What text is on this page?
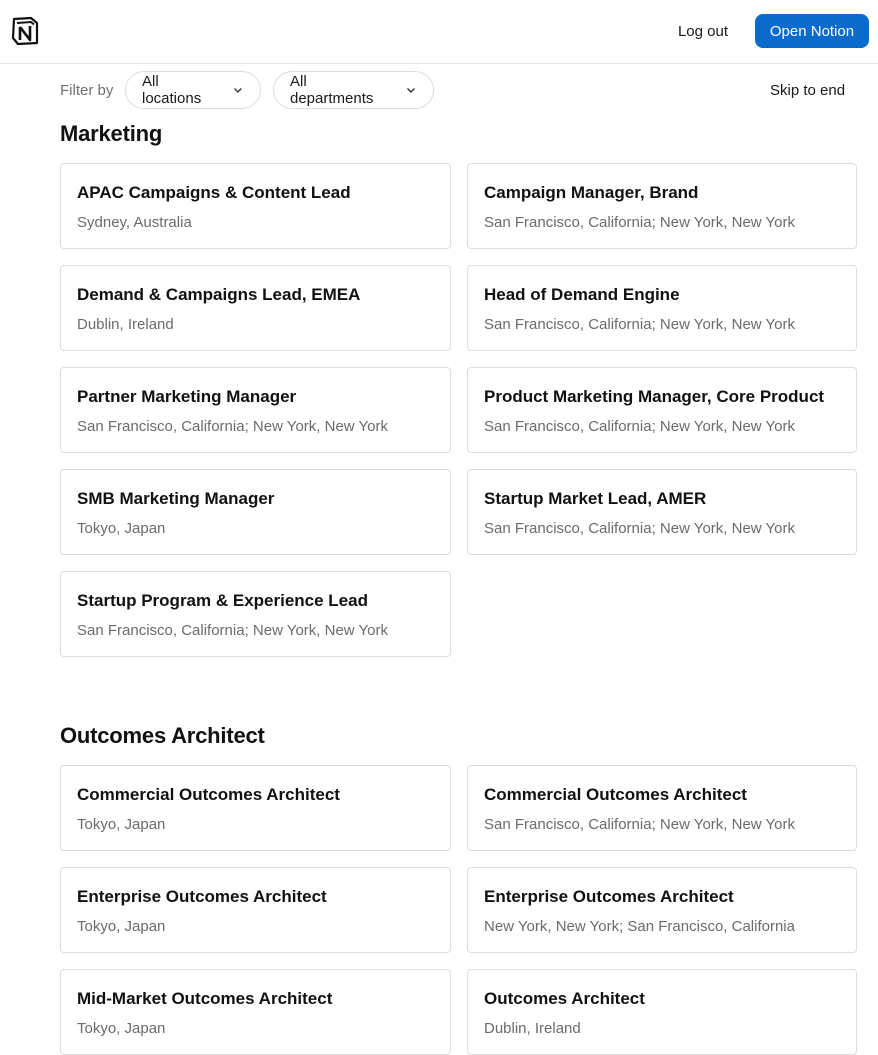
Log out	Open Notion
Filter by
All locations
All departments	Skip to end
Marketing
APAC Campaigns & Content Lead
Sydney, Australia
Campaign Manager, Brand
San Francisco, California; New York, New York
Demand & Campaigns Lead, EMEA
Dublin, Ireland
Head of Demand Engine
San Francisco, California; New York, New York
Partner Marketing Manager
San Francisco, California; New York, New York
Product Marketing Manager, Core Product
San Francisco, California; New York, New York
SMB Marketing Manager
Tokyo, Japan
Startup Market Lead, AMER
San Francisco, California; New York, New York
Startup Program & Experience Lead
San Francisco, California; New York, New York
Outcomes Architect
Commercial Outcomes Architect
Tokyo, Japan
Commercial Outcomes Architect
San Francisco, California; New York, New York
Enterprise Outcomes Architect
Tokyo, Japan
Enterprise Outcomes Architect
New York, New York; San Francisco, California
Mid-Market Outcomes Architect
Tokyo, Japan
Outcomes Architect
Dublin, Ireland
